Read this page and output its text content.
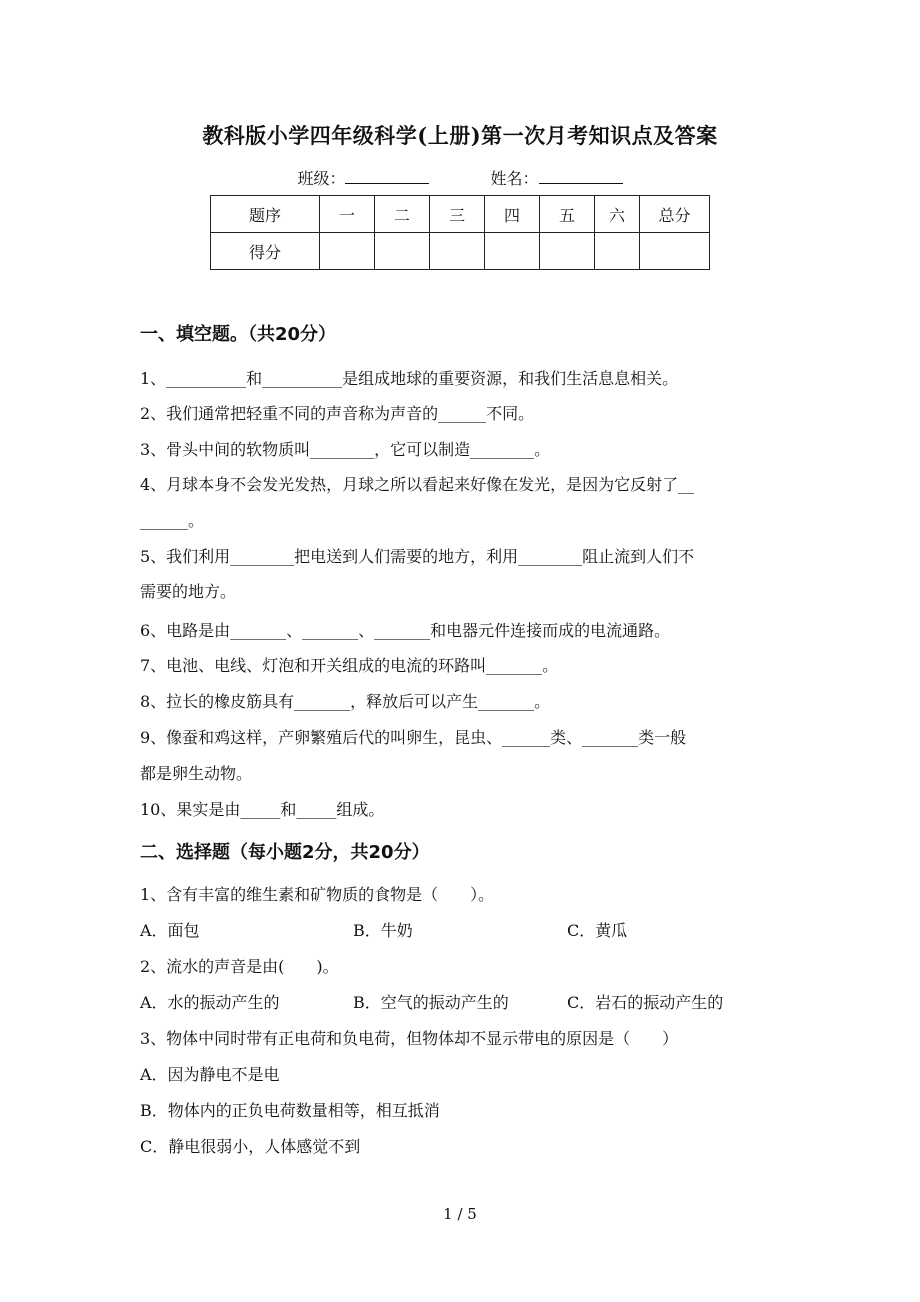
教科版小学四年级科学(上册)第一次月考知识点及答案
班级：	姓名：
题序	一	二	三	四	五	六	总分
得分							
一、填空题。（共20分）
1、__________和__________是组成地球的重要资源，和我们生活息息相关。
2、我们通常把轻重不同的声音称为声音的______不同。
3、骨头中间的软物质叫________，它可以制造________。
4、月球本身不会发光发热，月球之所以看起来好像在发光，是因为它反射了__
______。
5、我们利用________把电送到人们需要的地方，利用________阻止流到人们不
需要的地方。
6、电路是由_______、_______、_______和电器元件连接而成的电流通路。
7、电池、电线、灯泡和开关组成的电流的环路叫_______。
8、拉长的橡皮筋具有_______，释放后可以产生_______。
9、像蚕和鸡这样，产卵繁殖后代的叫卵生，昆虫、______类、_______类一般
都是卵生动物。
10、果实是由_____和_____组成。
二、选择题（每小题2分，共20分）
1、含有丰富的维生素和矿物质的食物是（　　）。
A．面包	B．牛奶	C．黄瓜
2、流水的声音是由(　　)。
A．水的振动产生的	B．空气的振动产生的	C．岩石的振动产生的
3、物体中同时带有正电荷和负电荷，但物体却不显示带电的原因是（　　）
A．因为静电不是电
B．物体内的正负电荷数量相等，相互抵消
C．静电很弱小，人体感觉不到
1 / 5
